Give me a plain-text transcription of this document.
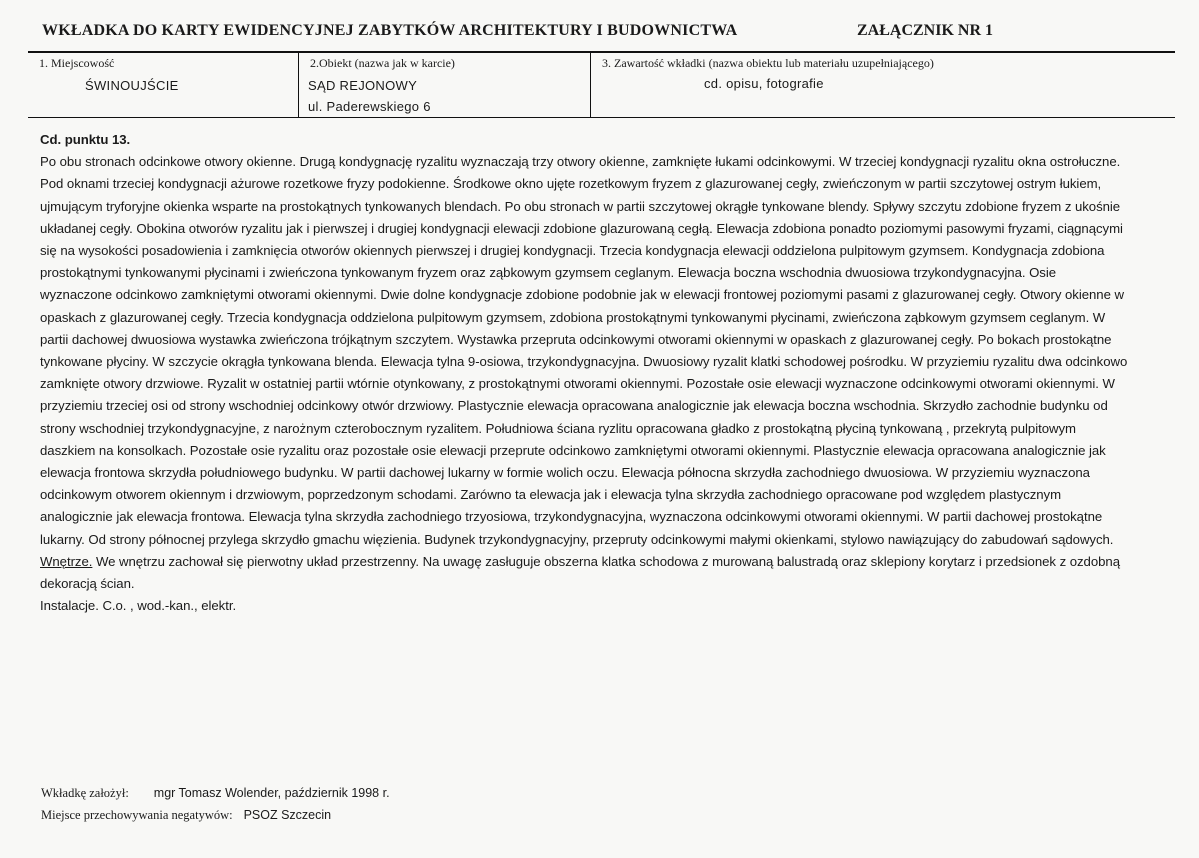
WKŁADKA DO KARTY EWIDENCYJNEJ ZABYTKÓW ARCHITEKTURY I BUDOWNICTWA	ZAŁĄCZNIK NR 1
1. Miejscowość
ŚWINOUJŚCIE
2.Obiekt (nazwa jak w karcie)
SĄD REJONOWY
ul. Paderewskiego 6
3. Zawartość wkładki (nazwa obiektu lub materiału uzupełniającego)
cd. opisu, fotografie
Cd. punktu 13.
Po obu stronach odcinkowe otwory okienne. Drugą kondygnację ryzalitu wyznaczają trzy otwory okienne, zamknięte łukami odcinkowymi. W trzeciej kondygnacji ryzalitu okna ostrołuczne. Pod oknami trzeciej kondygnacji ażurowe rozetkowe fryzy podokienne. Środkowe okno ujęte rozetkowym fryzem z glazurowanej cegły, zwieńczonym w partii szczytowej ostrym łukiem, ujmującym tryforyjne okienka wsparte na prostokątnych tynkowanych blendach. Po obu stronach w partii szczytowej okrągłe tynkowane blendy. Spływy szczytu zdobione fryzem z ukośnie układanej cegły. Obokina otworów ryzalitu jak i pierwszej i drugiej kondygnacji elewacji zdobione glazurowaną cegłą. Elewacja zdobiona ponadto poziomymi pasowymi fryzami, ciągnącymi się na wysokości posadowienia i zamknięcia otworów okiennych pierwszej i drugiej kondygnacji. Trzecia kondygnacja elewacji oddzielona pulpitowym gzymsem. Kondygnacja zdobiona prostokątnymi tynkowanymi płycinami i zwieńczona tynkowanym fryzem oraz ząbkowym gzymsem ceglanym. Elewacja boczna wschodnia dwuosiowa trzykondygnacyjna. Osie wyznaczone odcinkowo zamkniętymi otworami okiennymi. Dwie dolne kondygnacje zdobione podobnie jak w elewacji frontowej poziomymi pasami z glazurowanej cegły. Otwory okienne w opaskach z glazurowanej cegły. Trzecia kondygnacja oddzielona pulpitowym gzymsem, zdobiona prostokątnymi tynkowanymi płycinami, zwieńczona ząbkowym gzymsem ceglanym. W partii dachowej dwuosiowa wystawka zwieńczona trójkątnym szczytem. Wystawka przepruta odcinkowymi otworami okiennymi w opaskach z glazurowanej cegły. Po bokach prostokątne tynkowane płyciny. W szczycie okrągła tynkowana blenda. Elewacja tylna 9-osiowa, trzykondygnacyjna. Dwuosiowy ryzalit klatki schodowej pośrodku. W przyziemiu ryzalitu dwa odcinkowo zamknięte otwory drzwiowe. Ryzalit w ostatniej partii wtórnie otynkowany, z prostokątnymi otworami okiennymi. Pozostałe osie elewacji wyznaczone odcinkowymi otworami okiennymi. W przyziemiu trzeciej osi od strony wschodniej odcinkowy otwór drzwiowy. Plastycznie elewacja opracowana analogicznie jak elewacja boczna wschodnia. Skrzydło zachodnie budynku od strony wschodniej trzykondygnacyjne, z narożnym czterobocznym ryzalitem. Południowa ściana ryzlitu opracowana gładko z prostokątną płyciną tynkowaną , przekrytą pulpitowym daszkiem na konsolkach. Pozostałe osie ryzalitu oraz pozostałe osie elewacji przeprute odcinkowo zamkniętymi otworami okiennymi. Plastycznie elewacja opracowana analogicznie jak elewacja frontowa skrzydła południowego budynku. W partii dachowej lukarny w formie wolich oczu. Elewacja północna skrzydła zachodniego dwuosiowa. W przyziemiu wyznaczona odcinkowym otworem okiennym i drzwiowym, poprzedzonym schodami. Zarówno ta elewacja jak i elewacja tylna skrzydła zachodniego opracowane pod względem plastycznym analogicznie jak elewacja frontowa. Elewacja tylna skrzydła zachodniego trzyosiowa, trzykondygnacyjna, wyznaczona odcinkowymi otworami okiennymi. W partii dachowej prostokątne lukarny. Od strony północnej przylega skrzydło gmachu więzienia. Budynek trzykondygnacyjny, przepruty odcinkowymi małymi okienkami, stylowo nawiązujący do zabudowań sądowych.
Wnętrze. We wnętrzu zachował się pierwotny układ przestrzenny. Na uwagę zasługuje obszerna klatka schodowa z murowaną balustradą oraz sklepiony korytarz i przedsionek z ozdobną dekoracją ścian.
Instalacje. C.o. , wod.-kan., elektr.
Wkładkę założył: mgr Tomasz Wolender, październik 1998 r.
Miejsce przechowywania negatywów: PSOZ Szczecin
